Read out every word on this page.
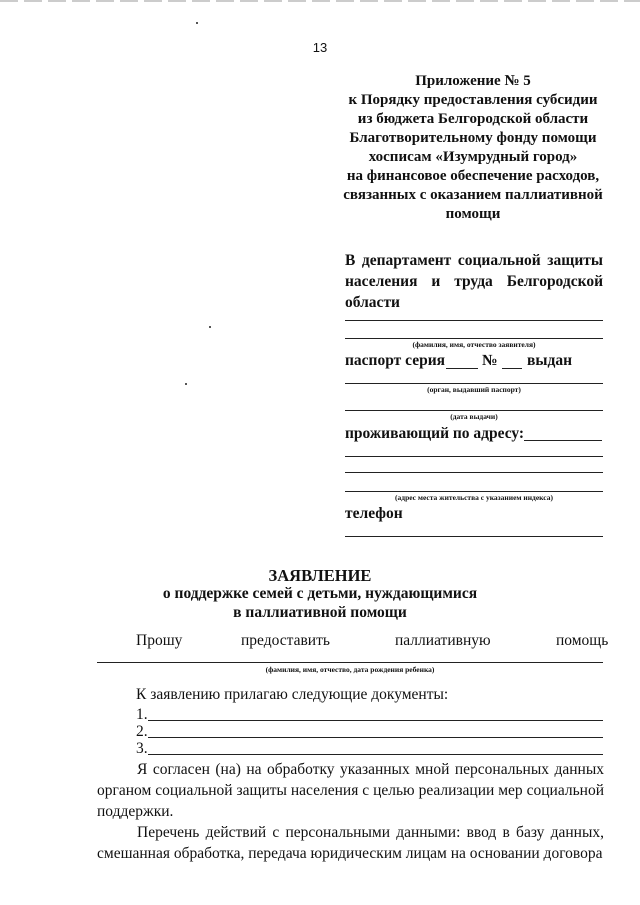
13
Приложение № 5
к Порядку предоставления субсидии
из бюджета Белгородской области
Благотворительному фонду помощи
хосписам «Изумрудный город»
на финансовое обеспечение расходов,
связанных с оказанием паллиативной
помощи
В департамент социальной защиты населения и труда Белгородской области
(фамилия, имя, отчество заявителя)
паспорт серия № выдан
(орган, выдавший паспорт)
(дата выдачи)
проживающий по адресу:
(адрес места жительства с указанием индекса)
телефон
ЗАЯВЛЕНИЕ
о поддержке семей с детьми, нуждающимися
в паллиативной помощи
Прошу	предоставить	паллиативную	помощь
(фамилия, имя, отчество, дата рождения ребенка)
К заявлению прилагаю следующие документы:
1.
2.
3.
Я согласен (на) на обработку указанных мной персональных данных органом социальной защиты населения с целью реализации мер социальной поддержки.
Перечень действий с персональными данными: ввод в базу данных, смешанная обработка, передача юридическим лицам на основании договора
